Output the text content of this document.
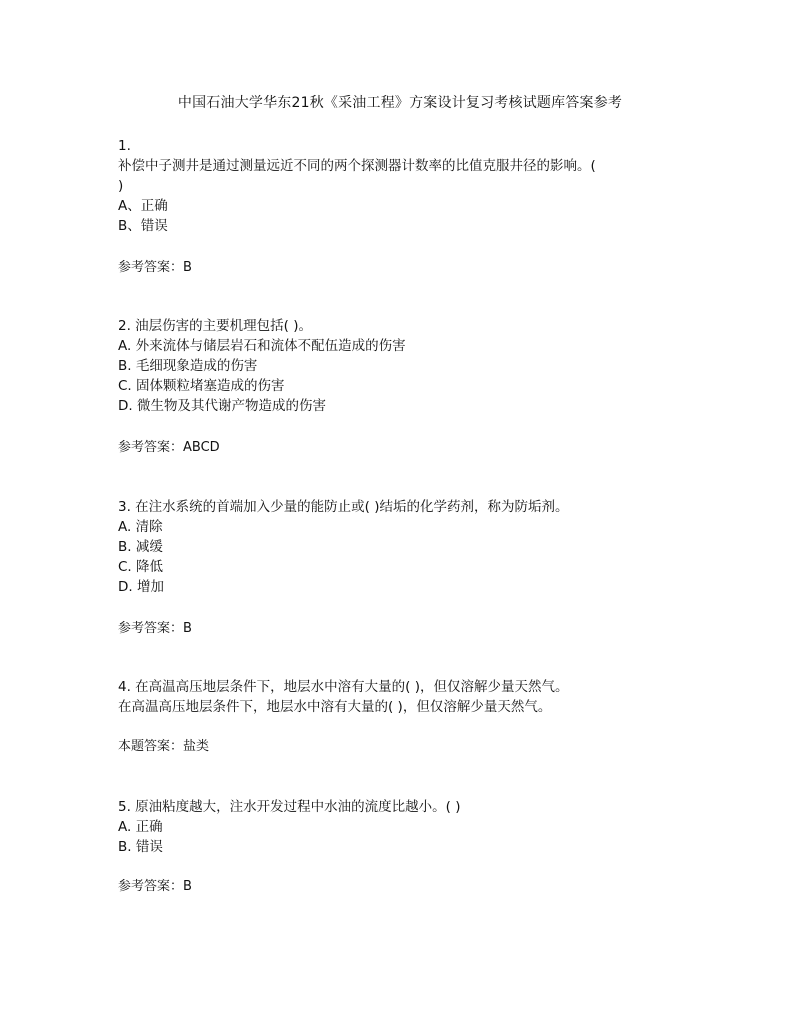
中国石油大学华东21秋《采油工程》方案设计复习考核试题库答案参考
1.
补偿中子测井是通过测量远近不同的两个探测器计数率的比值克服井径的影响。(
)
A、正确
B、错误
参考答案：B
2. 油层伤害的主要机理包括( )。
A. 外来流体与储层岩石和流体不配伍造成的伤害
B. 毛细现象造成的伤害
C. 固体颗粒堵塞造成的伤害
D. 微生物及其代谢产物造成的伤害
参考答案：ABCD
3. 在注水系统的首端加入少量的能防止或( )结垢的化学药剂，称为防垢剂。
A. 清除
B. 减缓
C. 降低
D. 增加
参考答案：B
4. 在高温高压地层条件下，地层水中溶有大量的( )，但仅溶解少量天然气。
在高温高压地层条件下，地层水中溶有大量的( )，但仅溶解少量天然气。
本题答案：盐类
5. 原油粘度越大，注水开发过程中水油的流度比越小。( )
A. 正确
B. 错误
参考答案：B
